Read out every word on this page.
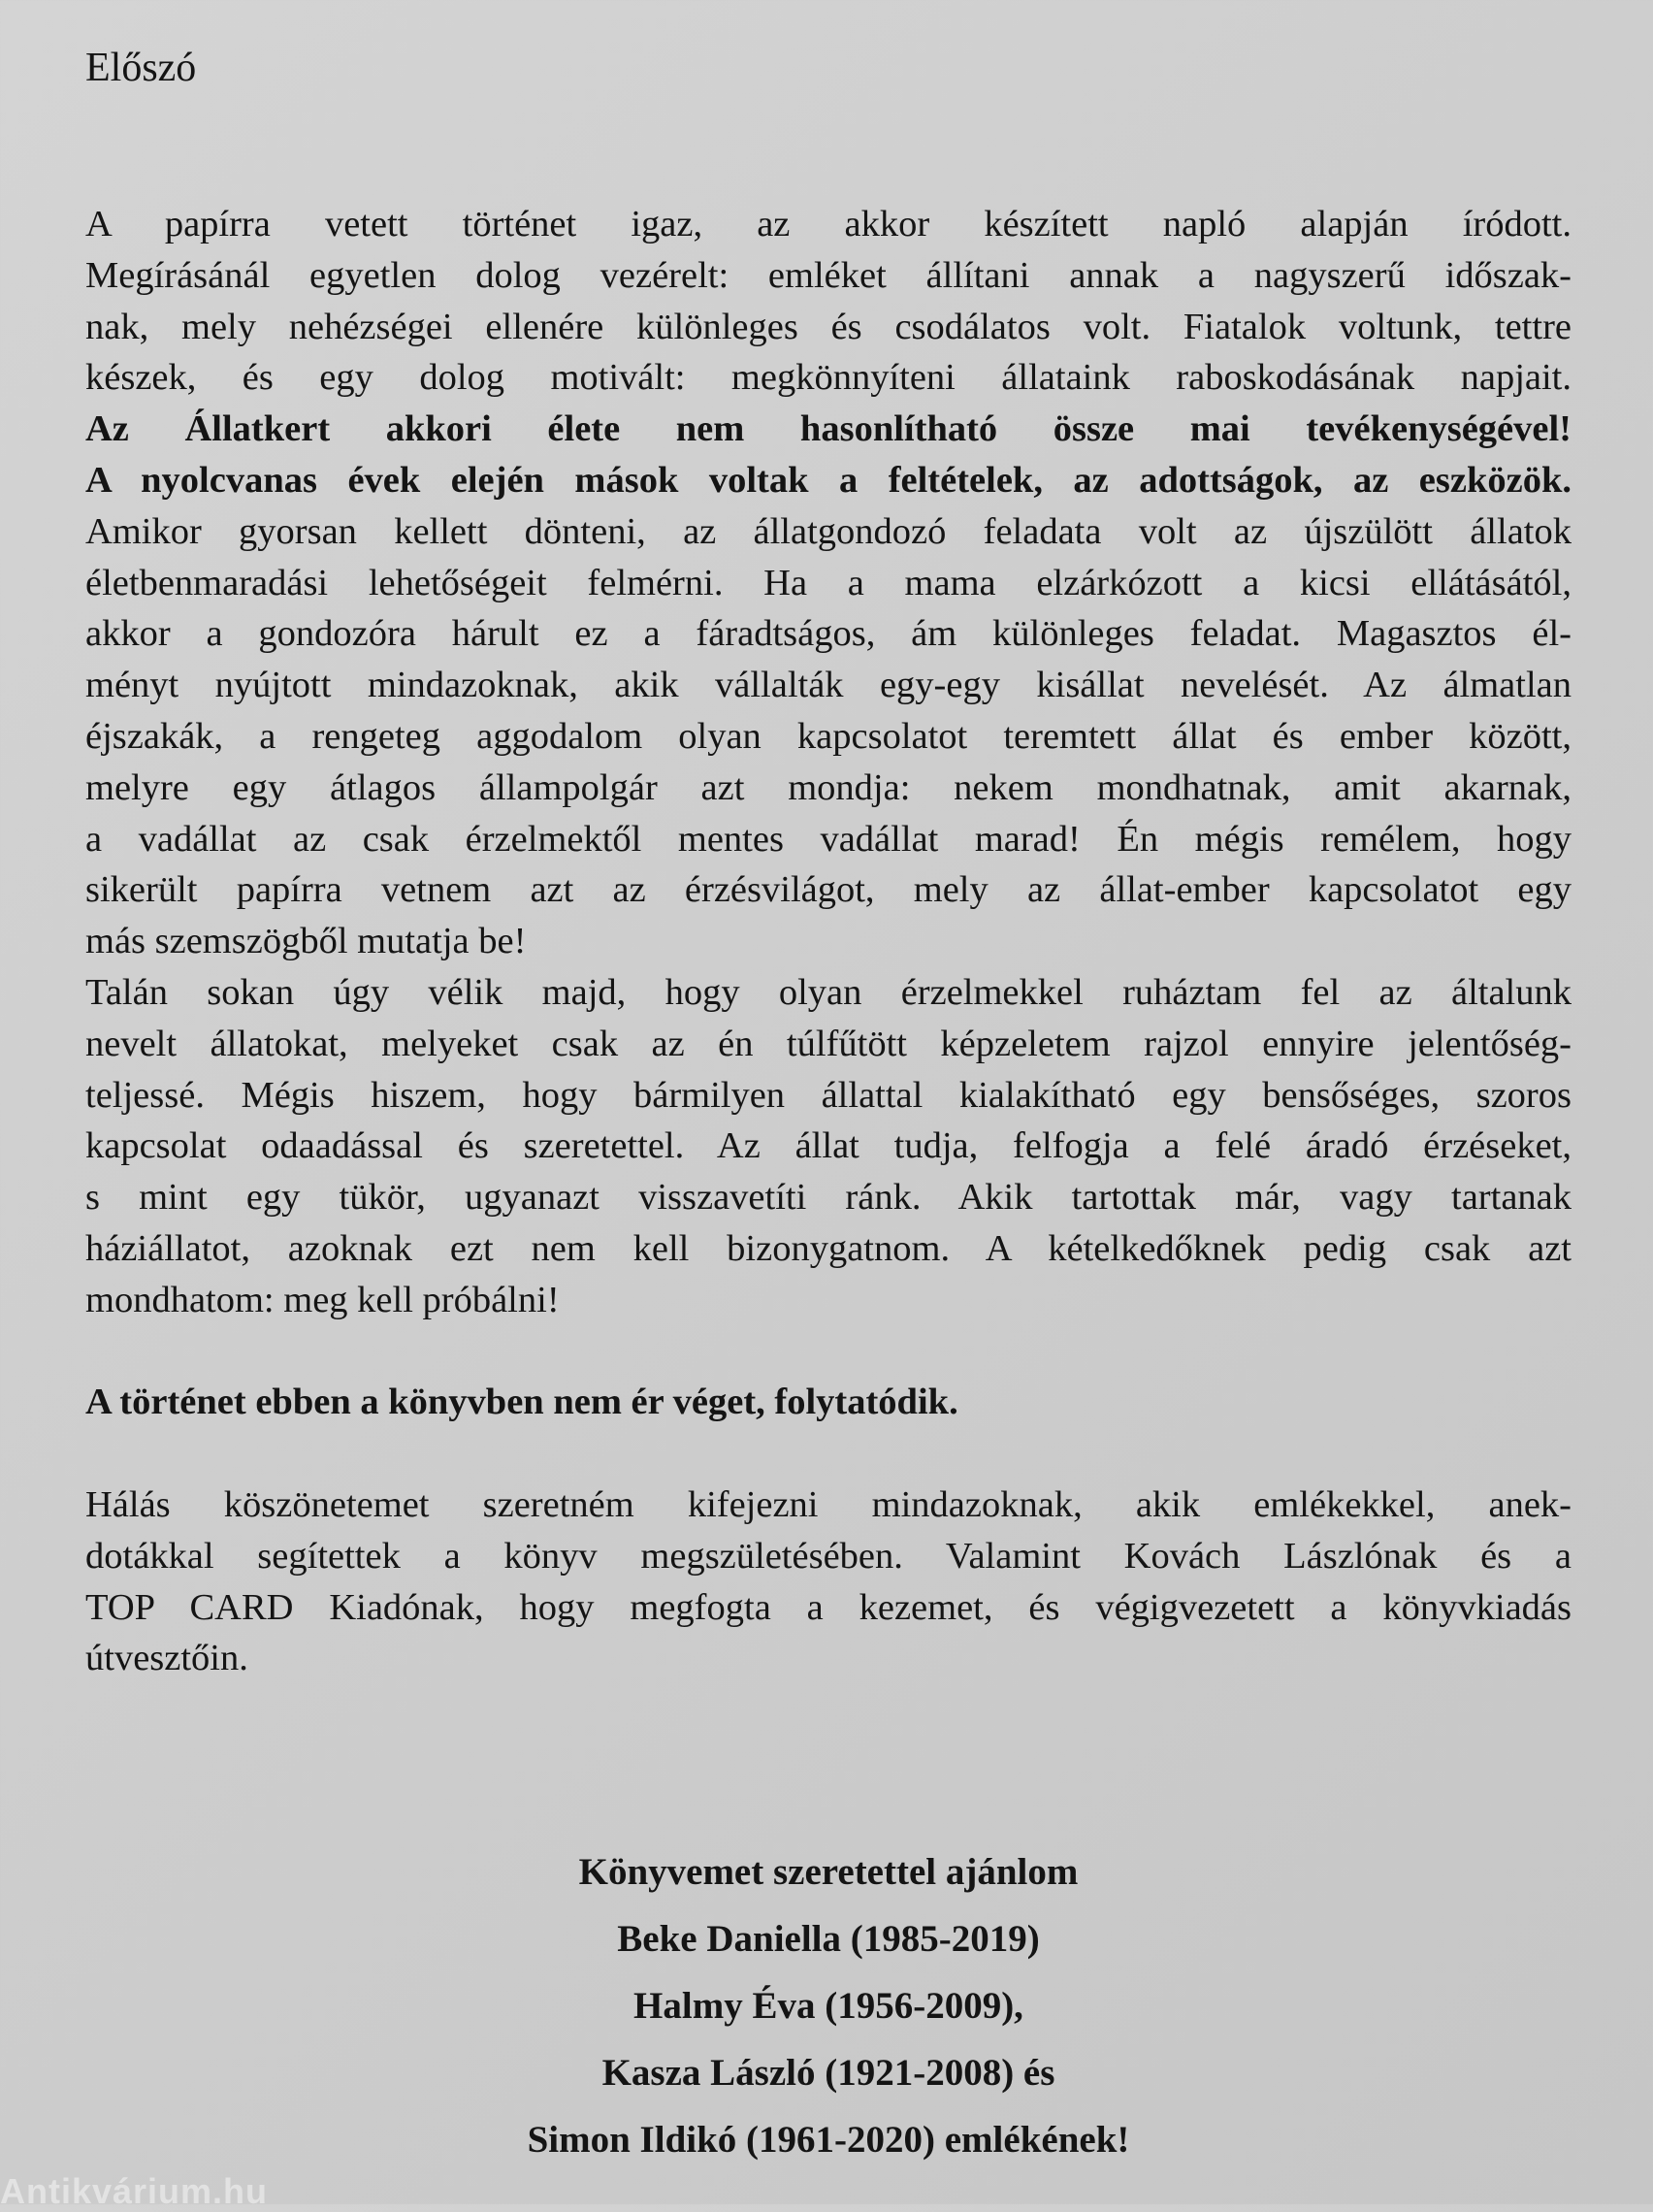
Előszó
A papírra vetett történet igaz, az akkor készített napló alapján íródott.
Megírásánál egyetlen dolog vezérelt: emléket állítani annak a nagyszerű időszak-
nak, mely nehézségei ellenére különleges és csodálatos volt. Fiatalok voltunk, tettre
készek, és egy dolog motivált: megkönnyíteni állataink raboskodásának napjait.
Az Állatkert akkori élete nem hasonlítható össze mai tevékenységével!
A nyolcvanas évek elején mások voltak a feltételek, az adottságok, az eszközök.
Amikor gyorsan kellett dönteni, az állatgondozó feladata volt az újszülött állatok
életbenmaradási lehetőségeit felmérni. Ha a mama elzárkózott a kicsi ellátásától,
akkor a gondozóra hárult ez a fáradtságos, ám különleges feladat. Magasztos él-
ményt nyújtott mindazoknak, akik vállalták egy-egy kisállat nevelését. Az álmatlan
éjszakák, a rengeteg aggodalom olyan kapcsolatot teremtett állat és ember között,
melyre egy átlagos állampolgár azt mondja: nekem mondhatnak, amit akarnak,
a vadállat az csak érzelmektől mentes vadállat marad! Én mégis remélem, hogy
sikerült papírra vetnem azt az érzésvilágot, mely az állat-ember kapcsolatot egy
más szemszögből mutatja be!
Talán sokan úgy vélik majd, hogy olyan érzelmekkel ruháztam fel az általunk
nevelt állatokat, melyeket csak az én túlfűtött képzeletem rajzol ennyire jelentőség-
teljessé. Mégis hiszem, hogy bármilyen állattal kialakítható egy bensőséges, szoros
kapcsolat odaadással és szeretettel. Az állat tudja, felfogja a felé áradó érzéseket,
s mint egy tükör, ugyanazt visszavetíti ránk. Akik tartottak már, vagy tartanak
háziállatot, azoknak ezt nem kell bizonygatnom. A kételkedőknek pedig csak azt
mondhatom: meg kell próbálni!
A történet ebben a könyvben nem ér véget, folytatódik.
Hálás köszönetemet szeretném kifejezni mindazoknak, akik emlékekkel, anek-
dotákkal segítettek a könyv megszületésében. Valamint Kovách Lászlónak és a
TOP CARD Kiadónak, hogy megfogta a kezemet, és végigvezetett a könyvkiadás
útvesztőin.
Könyvemet szeretettel ajánlom
Beke Daniella (1985-2019)
Halmy Éva (1956-2009),
Kasza László (1921-2008) és
Simon Ildikó (1961-2020) emlékének!
Antikvárium.hu
